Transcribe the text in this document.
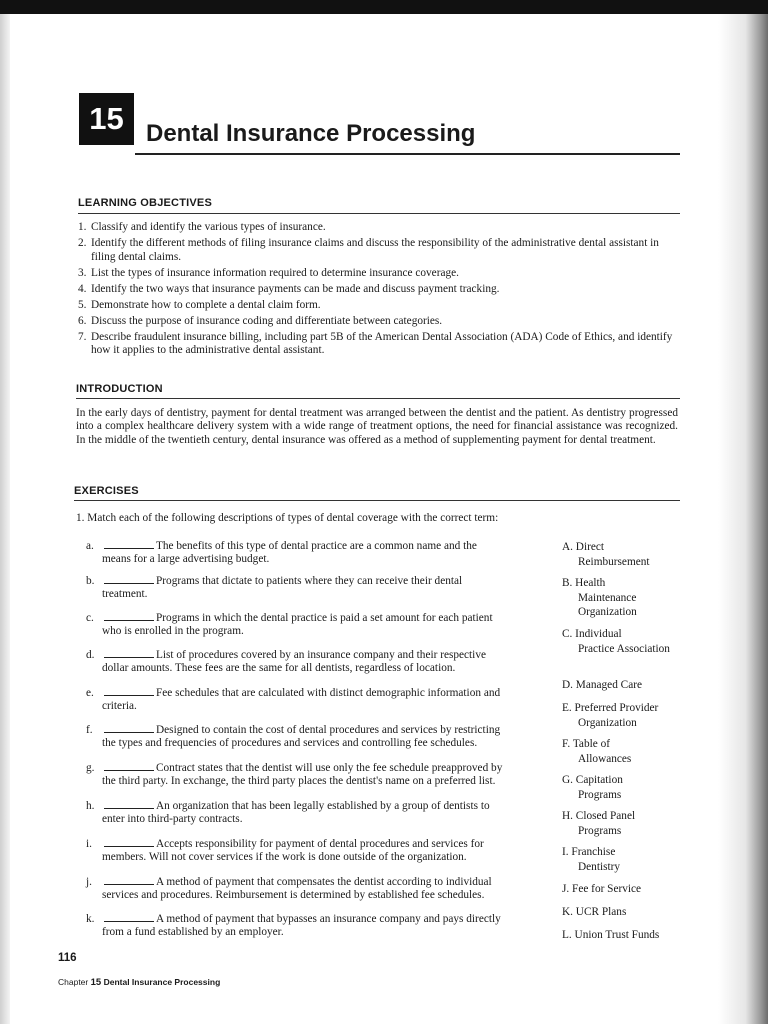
15 Dental Insurance Processing
LEARNING OBJECTIVES
1. Classify and identify the various types of insurance.
2. Identify the different methods of filing insurance claims and discuss the responsibility of the administrative dental assistant in filing dental claims.
3. List the types of insurance information required to determine insurance coverage.
4. Identify the two ways that insurance payments can be made and discuss payment tracking.
5. Demonstrate how to complete a dental claim form.
6. Discuss the purpose of insurance coding and differentiate between categories.
7. Describe fraudulent insurance billing, including part 5B of the American Dental Association (ADA) Code of Ethics, and identify how it applies to the administrative dental assistant.
INTRODUCTION

In the early days of dentistry, payment for dental treatment was arranged between the dentist and the patient. As dentistry progressed into a complex healthcare delivery system with a wide range of treatment options, the need for financial assistance was recognized. In the middle of the twentieth century, dental insurance was offered as a method of supplementing payment for dental treatment.

EXERCISES
1. Match each of the following descriptions of types of dental coverage with the correct term:
a.	The benefits of this type of dental practice are a common name and the
means for a large advertising budget.
b.	Programs that dictate to patients where they can receive their dental
treatment.
c.	Programs in which the dental practice is paid a set amount for each patient
who is enrolled in the program.
d.	List of procedures covered by an insurance company and their respective
dollar amounts. These fees are the same for all dentists, regardless of location.
e.	Fee schedules that are calculated with distinct demographic information and
criteria.
f.	Designed to contain the cost of dental procedures and services by restricting
the types and frequencies of procedures and services and controlling fee schedules.
g.	Contract states that the dentist will use only the fee schedule preapproved by
the third party. In exchange, the third party places the dentist's name on a preferred list.
h.	An organization that has been legally established by a group of dentists to
enter into third-party contracts.
i.	Accepts responsibility for payment of dental procedures and services for
members. Will not cover services if the work is done outside of the organization.
j.	A method of payment that compensates the dentist according to individual
services and procedures. Reimbursement is determined by established fee schedules.
k.	A method of payment that bypasses an insurance company and pays directly
from a fund established by an employer.
A. Direct
Reimbursement
B. Health
Maintenance Organization
C. Individual
Practice Association
D. Managed Care
E. Preferred Provider
Organization
F. Table of
Allowances
G. Capitation
Programs
H. Closed Panel
Programs
I. Franchise
Dentistry
J. Fee for Service
K. UCR Plans
L. Union Trust Funds
116
Chapter 15 Dental Insurance Processing
